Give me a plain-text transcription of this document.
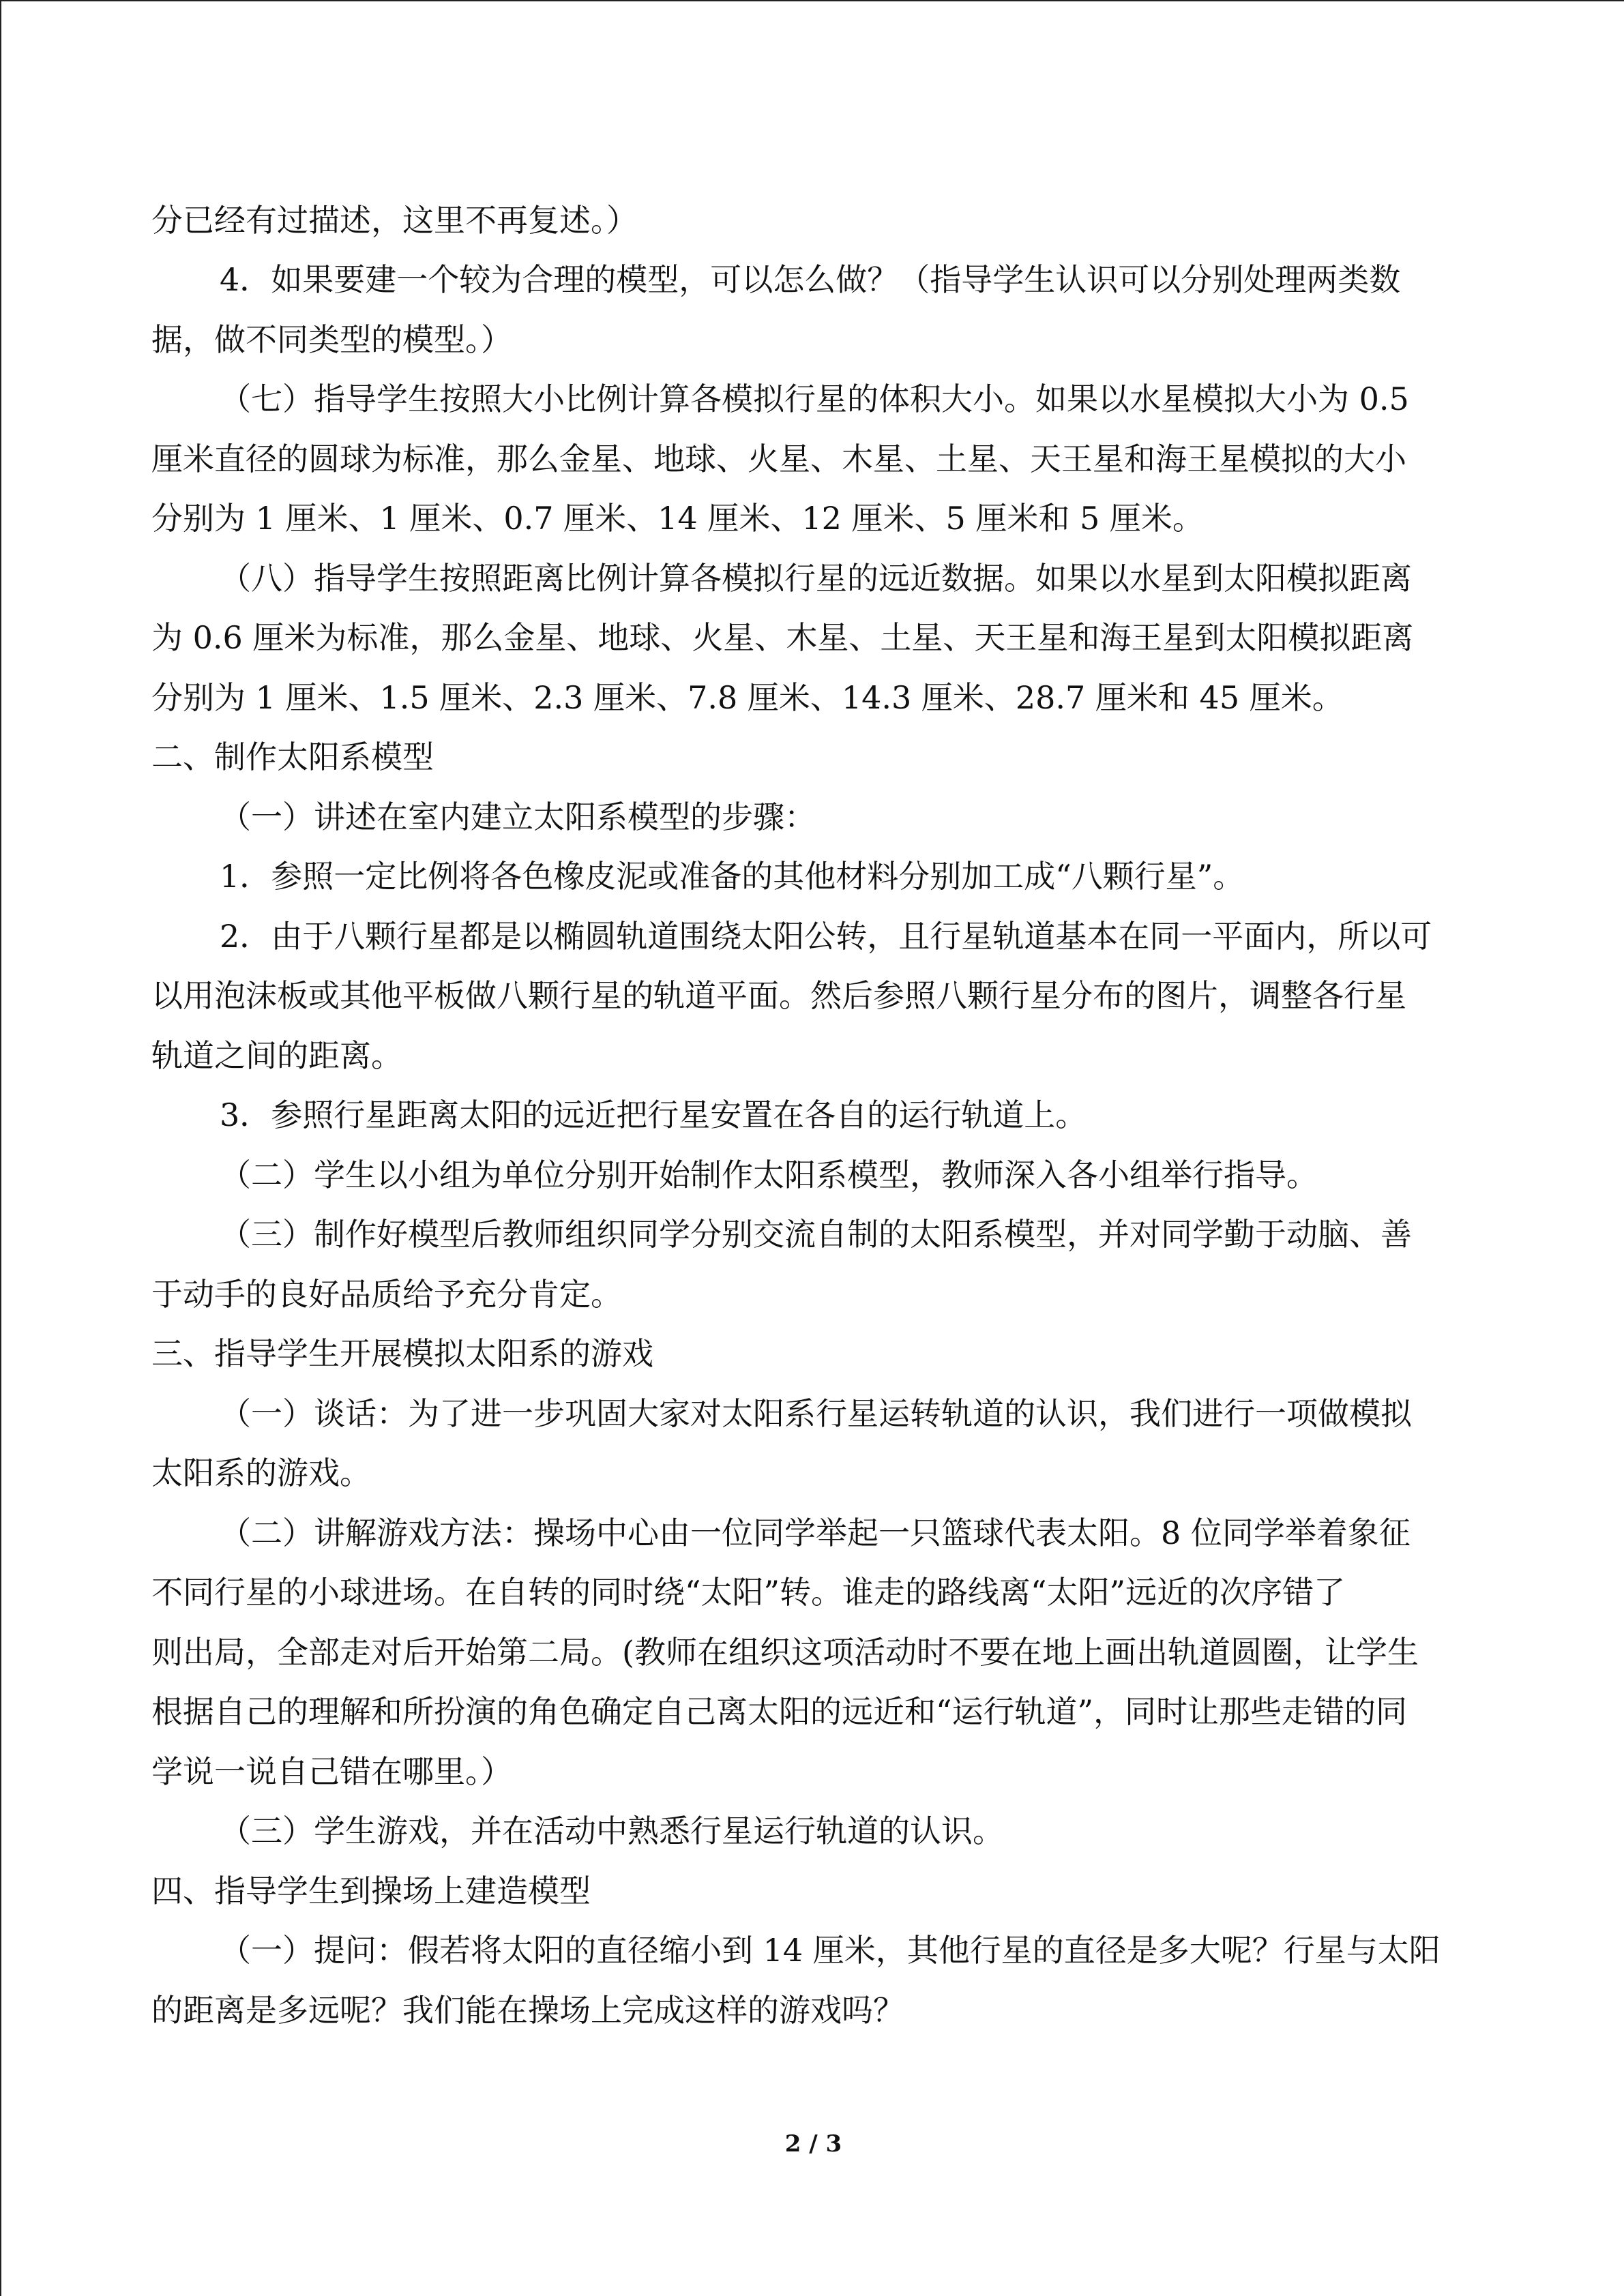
分已经有过描述，这里不再复述。）
4．如果要建一个较为合理的模型，可以怎么做？（指导学生认识可以分别处理两类数
据，做不同类型的模型。）
（七）指导学生按照大小比例计算各模拟行星的体积大小。如果以水星模拟大小为 0.5
厘米直径的圆球为标准，那么金星、地球、火星、木星、土星、天王星和海王星模拟的大小
分别为 1 厘米、1 厘米、0.7 厘米、14 厘米、12 厘米、5 厘米和 5 厘米。
（八）指导学生按照距离比例计算各模拟行星的远近数据。如果以水星到太阳模拟距离
为 0.6 厘米为标准，那么金星、地球、火星、木星、土星、天王星和海王星到太阳模拟距离
分别为 1 厘米、1.5 厘米、2.3 厘米、7.8 厘米、14.3 厘米、28.7 厘米和 45 厘米。
二、制作太阳系模型
（一）讲述在室内建立太阳系模型的步骤：
1．参照一定比例将各色橡皮泥或准备的其他材料分别加工成“八颗行星”。
2．由于八颗行星都是以椭圆轨道围绕太阳公转，且行星轨道基本在同一平面内，所以可
以用泡沫板或其他平板做八颗行星的轨道平面。然后参照八颗行星分布的图片，调整各行星
轨道之间的距离。
3．参照行星距离太阳的远近把行星安置在各自的运行轨道上。
（二）学生以小组为单位分别开始制作太阳系模型，教师深入各小组举行指导。
（三）制作好模型后教师组织同学分别交流自制的太阳系模型，并对同学勤于动脑、善
于动手的良好品质给予充分肯定。
三、指导学生开展模拟太阳系的游戏
（一）谈话：为了进一步巩固大家对太阳系行星运转轨道的认识，我们进行一项做模拟
太阳系的游戏。
（二）讲解游戏方法：操场中心由一位同学举起一只篮球代表太阳。8 位同学举着象征
不同行星的小球进场。在自转的同时绕“太阳”转。谁走的路线离“太阳”远近的次序错了
则出局，全部走对后开始第二局。(教师在组织这项活动时不要在地上画出轨道圆圈，让学生
根据自己的理解和所扮演的角色确定自己离太阳的远近和“运行轨道”，同时让那些走错的同
学说一说自己错在哪里。）
（三）学生游戏，并在活动中熟悉行星运行轨道的认识。
四、指导学生到操场上建造模型
（一）提问：假若将太阳的直径缩小到 14 厘米，其他行星的直径是多大呢？行星与太阳
的距离是多远呢？我们能在操场上完成这样的游戏吗？
2 / 3
